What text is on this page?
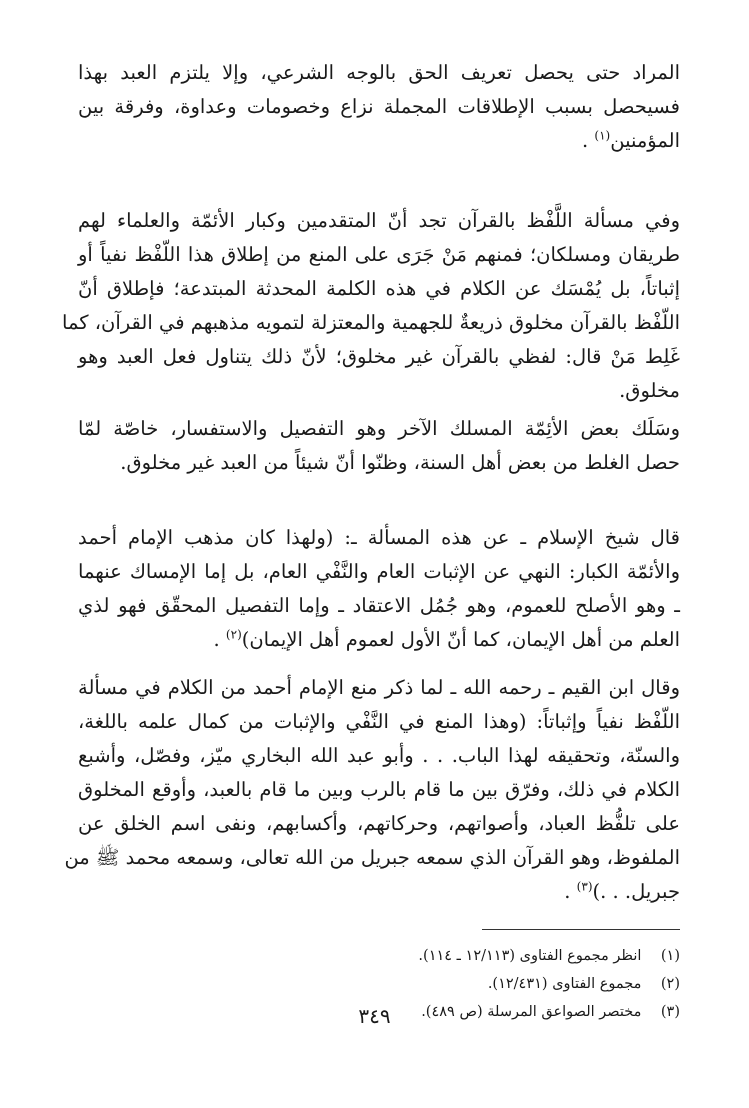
المراد حتى يحصل تعريف الحق بالوجه الشرعي، وإلا يلتزم العبد بهذا
فسيحصل بسبب الإطلاقات المجملة نزاع وخصومات وعداوة، وفرقة بين
المؤمنين$^{(١)}$ .

وفي مسألة اللَّفْظ بالقرآن تجد أنّ المتقدمين وكبار الأئمّة والعلماء لهم
طريقان ومسلكان؛ فمنهم مَنْ جَرَى على المنع من إطلاق هذا اللّفْظ نفياً أو
إثباتاً، بل يُمْسَك عن الكلام في هذه الكلمة المحدثة المبتدعة؛ فإطلاق أنّ
اللّفْظ بالقرآن مخلوق ذريعةٌ للجهمية والمعتزلة لتمويه مذهبهم في القرآن، كما
غَلِط مَنْ قال: لفظي بالقرآن غير مخلوق؛ لأنّ ذلك يتناول فعل العبد وهو
مخلوق.

وسَلَك بعض الأئِمّة المسلك الآخر وهو التفصيل والاستفسار، خاصّة لمّا
حصل الغلط من بعض أهل السنة، وظنّوا أنّ شيئاً من العبد غير مخلوق.

قال شيخ الإسلام ـ عن هذه المسألة ـ: (ولهذا كان مذهب الإمام أحمد
والأئمّة الكبار: النهي عن الإثبات العام والنَّفْي العام، بل إما الإمساك عنهما
ـ وهو الأصلح للعموم، وهو جُمُل الاعتقاد ـ وإما التفصيل المحقّق فهو لذي
العلم من أهل الإيمان، كما أنّ الأول لعموم أهل الإيمان)$^{(٢)}$ .

وقال ابن القيم ـ رحمه الله ـ لما ذكر منع الإمام أحمد من الكلام في مسألة
اللّفْظ نفياً وإثباتاً: (وهذا المنع في النَّفْي والإثبات من كمال علمه باللغة،
والسنّة، وتحقيقه لهذا الباب. . . وأبو عبد الله البخاري ميّز، وفصّل، وأشبع
الكلام في ذلك، وفرّق بين ما قام بالرب وبين ما قام بالعبد، وأوقع المخلوق
على تلفُّظ العباد، وأصواتهم، وحركاتهم، وأكسابهم، ونفى اسم الخلق عن
الملفوظ، وهو القرآن الذي سمعه جبريل من الله تعالى، وسمعه محمد ﷺ من
جبريل. . .)$^{(٣)}$ .

(١) انظر مجموع الفتاوى (١٢/١١٣ ـ ١١٤).
(٢) مجموع الفتاوى (١٢/٤٣١).
(٣) مختصر الصواعق المرسلة (ص ٤٨٩).
٣٤٩
